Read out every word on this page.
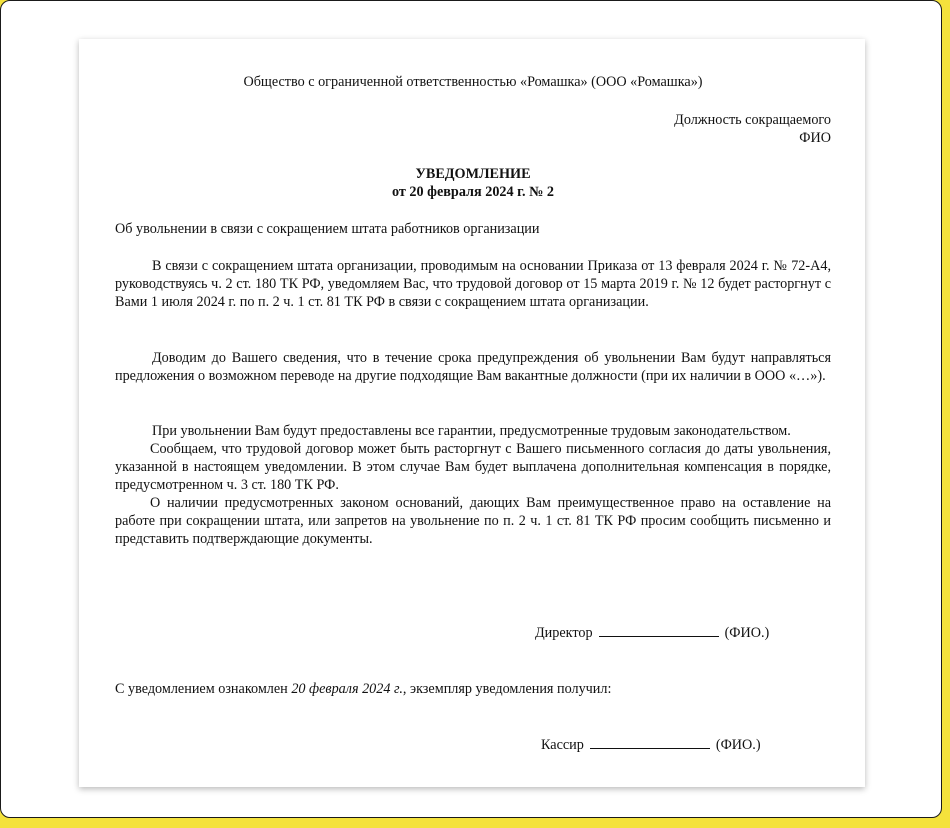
Общество с ограниченной ответственностью «Ромашка» (ООО «Ромашка»)
Должность сокращаемого
ФИО
УВЕДОМЛЕНИЕ
от 20 февраля 2024 г. № 2
Об увольнении в связи с сокращением штата работников организации

В связи с сокращением штата организации, проводимым на основании Приказа от 13 февраля 2024 г. № 72-А4, руководствуясь ч. 2 ст. 180 ТК РФ, уведомляем Вас, что трудовой договор от 15 марта 2019 г. № 12 будет расторгнут с Вами 1 июля 2024 г. по п. 2 ч. 1 ст. 81 ТК РФ в связи с сокращением штата организации.

Доводим до Вашего сведения, что в течение срока предупреждения об увольнении Вам будут направляться предложения о возможном переводе на другие подходящие Вам вакантные должности (при их наличии в ООО «…»).

При увольнении Вам будут предоставлены все гарантии, предусмотренные трудовым законодательством.

Сообщаем, что трудовой договор может быть расторгнут с Вашего письменного согласия до даты увольнения, указанной в настоящем уведомлении. В этом случае Вам будет выплачена дополнительная компенсация в порядке, предусмотренном ч. 3 ст. 180 ТК РФ.

О наличии предусмотренных законом оснований, дающих Вам преимущественное право на оставление на работе при сокращении штата, или запретов на увольнение по п. 2 ч. 1 ст. 81 ТК РФ просим сообщить письменно и представить подтверждающие документы.

Директор	(ФИО.)
С уведомлением ознакомлен 20 февраля 2024 г., экземпляр уведомления получил:
Кассир	(ФИО.)
